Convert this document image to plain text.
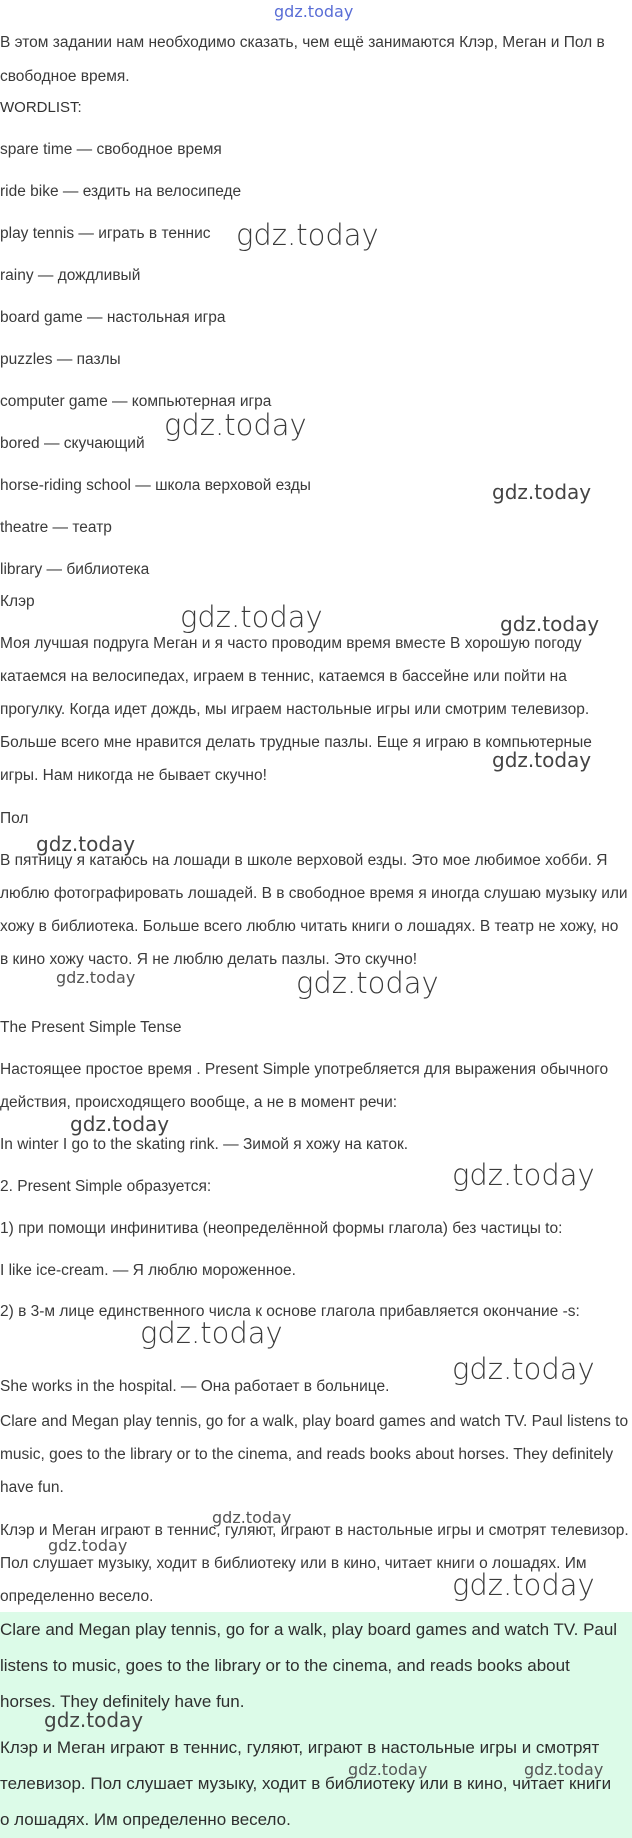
gdz.today
В этом задании нам необходимо сказать, чем ещё занимаются Клэр, Меган и Пол в свободное время.
WORDLIST:
spare time — свободное время
ride bike — ездить на велосипеде
play tennis — играть в теннис
rainy — дождливый
board game — настольная игра
puzzles — пазлы
computer game — компьютерная игра
bored — скучающий
horse-riding school — школа верховой езды
theatre — театр
library — библиотека
Клэр
Моя лучшая подруга Меган и я часто проводим время вместе В хорошую погоду катаемся на велосипедах, играем в теннис, катаемся в бассейне или пойти на прогулку. Когда идет дождь, мы играем настольные игры или смотрим телевизор. Больше всего мне нравится делать трудные пазлы. Еще я играю в компьютерные игры. Нам никогда не бывает скучно!
Пол
В пятницу я катаюсь на лошади в школе верховой езды. Это мое любимое хобби. Я люблю фотографировать лошадей. В в свободное время я иногда слушаю музыку или хожу в библиотека. Больше всего люблю читать книги о лошадях. В театр не хожу, но в кино хожу часто. Я не люблю делать пазлы. Это скучно!
The Present Simple Tense
Настоящее простое время . Present Simple употребляется для выражения обычного действия, происходящего вообще, а не в момент речи:
In winter I go to the skating rink. — Зимой я хожу на каток.
2. Present Simple образуется:
1) при помощи инфинитива (неопределённой формы глагола) без частицы to:
I like ice-cream. — Я люблю мороженное.
2) в 3-м лице единственного числа к основе глагола прибавляется окончание -s:
She works in the hospital. — Она работает в больнице.
Clare and Megan play tennis, go for a walk, play board games and watch TV. Paul listens to music, goes to the library or to the cinema, and reads books about horses. They definitely have fun.
Клэр и Меган играют в теннис, гуляют, играют в настольные игры и смотрят телевизор. Пол слушает музыку, ходит в библиотеку или в кино, читает книги о лошадях. Им определенно весело.
Clare and Megan play tennis, go for a walk, play board games and watch TV. Paul listens to music, goes to the library or to the cinema, and reads books about horses. They definitely have fun.
Клэр и Меган играют в теннис, гуляют, играют в настольные игры и смотрят телевизор. Пол слушает музыку, ходит в библиотеку или в кино, читает книги о лошадях. Им определенно весело.
gdz.today
gdz.today
gdz.today
gdz.today	gdz.today
gdz.today
gdz.today
gdz.today	gdz.today
gdz.today
gdz.today
gdz.today
gdz.today
gdz.today
gdz.today
gdz.today
gdz.today
gdz.today	gdz.today
